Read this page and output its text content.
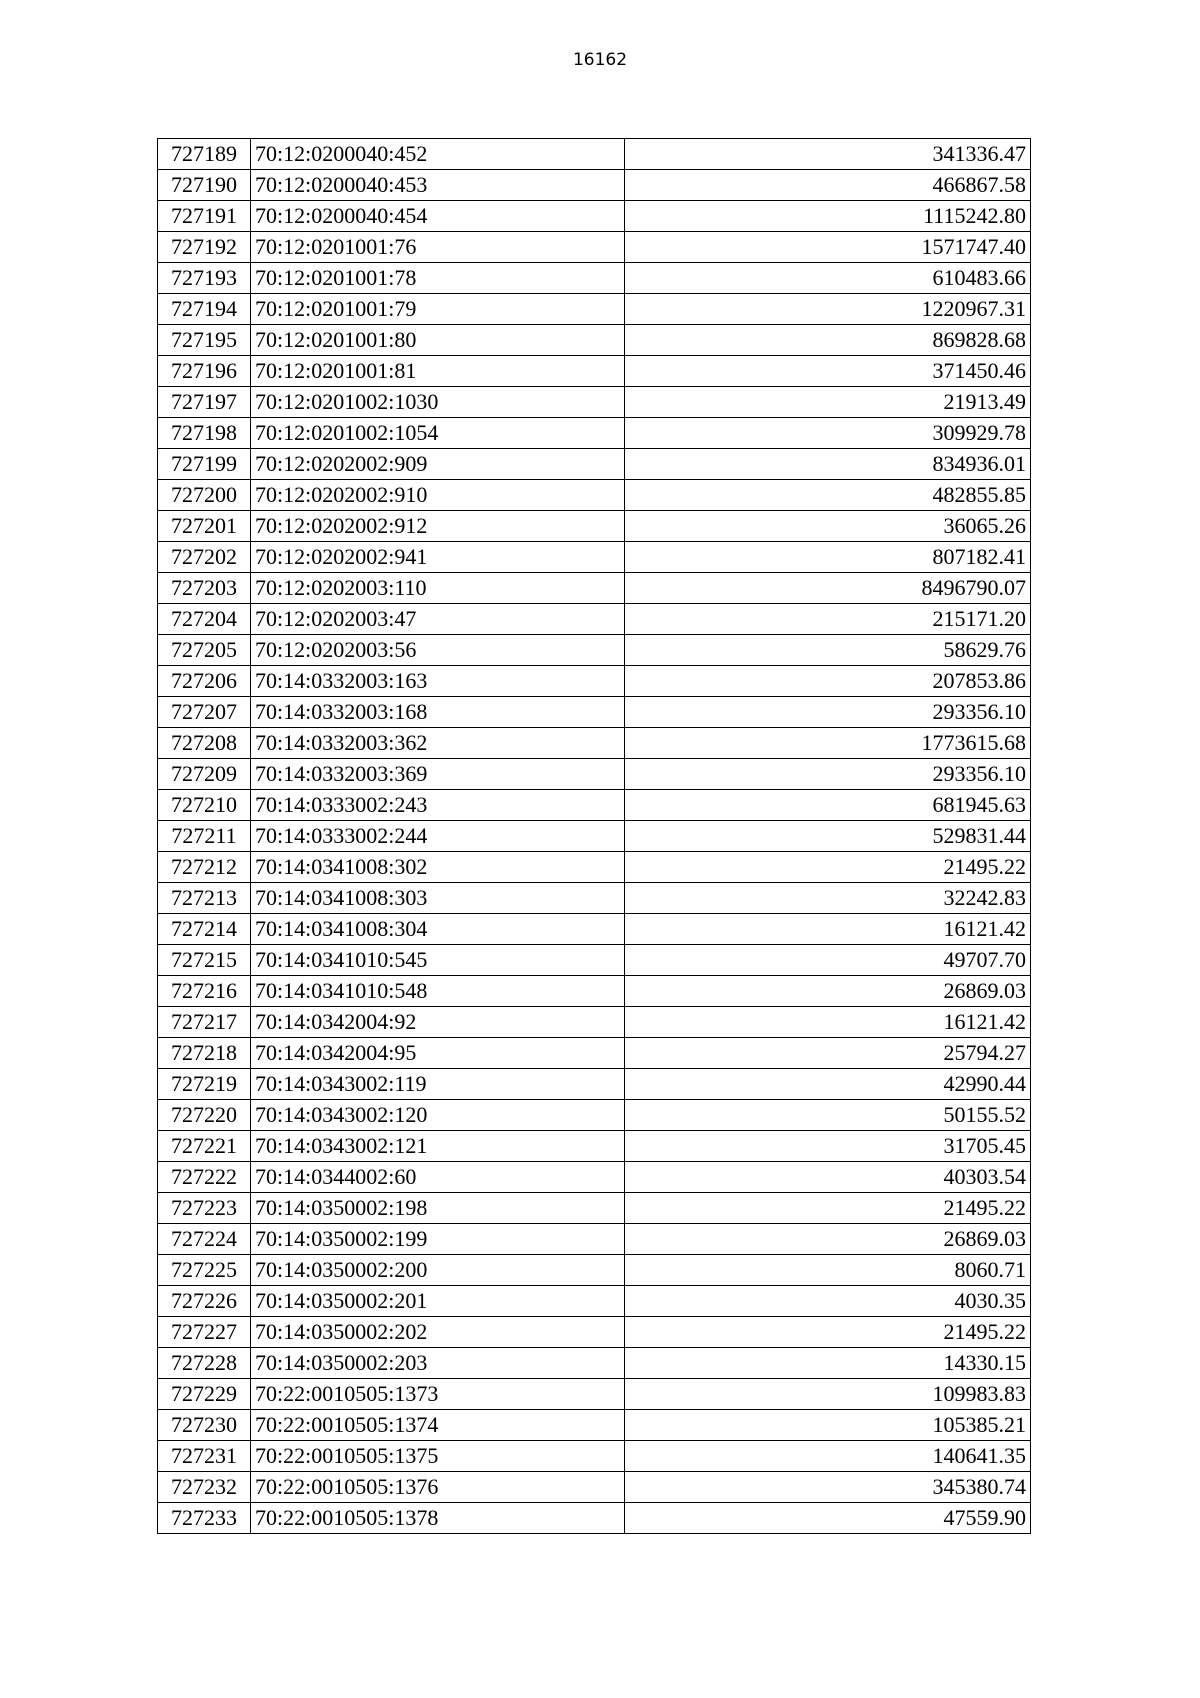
16162
727189	70:12:0200040:452	341336.47
727190	70:12:0200040:453	466867.58
727191	70:12:0200040:454	1115242.80
727192	70:12:0201001:76	1571747.40
727193	70:12:0201001:78	610483.66
727194	70:12:0201001:79	1220967.31
727195	70:12:0201001:80	869828.68
727196	70:12:0201001:81	371450.46
727197	70:12:0201002:1030	21913.49
727198	70:12:0201002:1054	309929.78
727199	70:12:0202002:909	834936.01
727200	70:12:0202002:910	482855.85
727201	70:12:0202002:912	36065.26
727202	70:12:0202002:941	807182.41
727203	70:12:0202003:110	8496790.07
727204	70:12:0202003:47	215171.20
727205	70:12:0202003:56	58629.76
727206	70:14:0332003:163	207853.86
727207	70:14:0332003:168	293356.10
727208	70:14:0332003:362	1773615.68
727209	70:14:0332003:369	293356.10
727210	70:14:0333002:243	681945.63
727211	70:14:0333002:244	529831.44
727212	70:14:0341008:302	21495.22
727213	70:14:0341008:303	32242.83
727214	70:14:0341008:304	16121.42
727215	70:14:0341010:545	49707.70
727216	70:14:0341010:548	26869.03
727217	70:14:0342004:92	16121.42
727218	70:14:0342004:95	25794.27
727219	70:14:0343002:119	42990.44
727220	70:14:0343002:120	50155.52
727221	70:14:0343002:121	31705.45
727222	70:14:0344002:60	40303.54
727223	70:14:0350002:198	21495.22
727224	70:14:0350002:199	26869.03
727225	70:14:0350002:200	8060.71
727226	70:14:0350002:201	4030.35
727227	70:14:0350002:202	21495.22
727228	70:14:0350002:203	14330.15
727229	70:22:0010505:1373	109983.83
727230	70:22:0010505:1374	105385.21
727231	70:22:0010505:1375	140641.35
727232	70:22:0010505:1376	345380.74
727233	70:22:0010505:1378	47559.90
